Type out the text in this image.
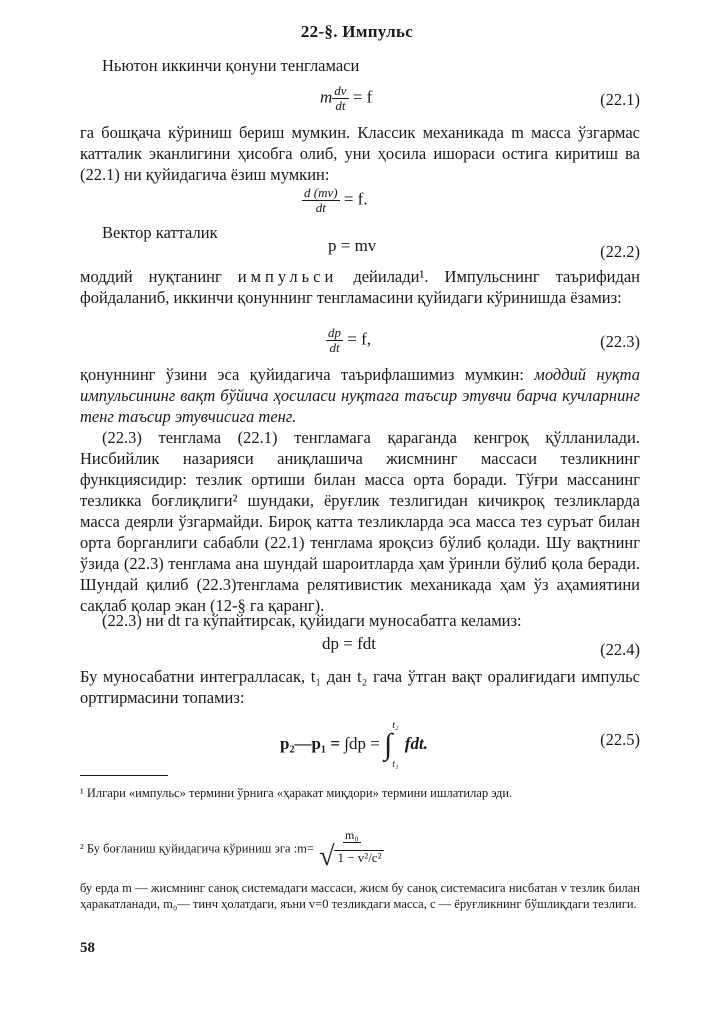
22-§. Импульс
Ньютон иккинчи қонуни тенгламаси
m $\frac{dv}{dt} = f$	(22.1)
га бошқача кўриниш бериш мумкин. Классик механикада m масса ўзгармас катталик эканлигини ҳисобга олиб, уни ҳосила ишораси остига киритиш ва (22.1) ни қуйидагича ёзиш мумкин:
$\frac{d (mv)}{dt} = f$.
Вектор катталик
p = mv	(22.2)
моддий нуқтанинг импульси дейилади¹. Импульснинг таърифидан фойдаланиб, иккинчи қонуннинг тенгламасини қуйидаги кўринишда ёзамиз:
$\frac{dp}{dt} = f$,	(22.3)
қонуннинг ўзини эса қуйидагича таърифлашимиз мумкин: моддий нуқта импульсининг вақт бўйича ҳосиласи нуқтага таъсир этувчи барча кучларнинг тенг таъсир этувчисига тенг.
(22.3) тенглама (22.1) тенгламага қараганда кенгроқ қўлланилади. Нисбийлик назарияси аниқлашича жисмнинг массаси тезликнинг функциясидир: тезлик ортиши билан масса орта боради. Тўғри массанинг тезликка боғлиқлиги² шундаки, ёруғлик тезлигидан кичикроқ тезликларда масса деярли ўзгармайди. Бироқ катта тезликларда эса масса тез суръат билан орта борганлиги сабабли (22.1) тенглама яроқсиз бўлиб қолади. Шу вақтнинг ўзида (22.3) тенглама ана шундай шароитларда ҳам ўринли бўлиб қола беради. Шундай қилиб (22.3)тенглама релятивистик механикада ҳам ўз аҳамиятини сақлаб қолар экан (12-§ га қаранг).
(22.3) ни dt га кўпайтирсак, қуйидаги муносабатга келамиз:
dp = fdt	(22.4)
Бу муносабатни интеграллаcак, t₁ дан t₂ гача ўтган вақт оралиғидаги импульс ортгирмасини топамиз:
p₂—p₁ = ∫dp = ∫
t₂
t₁
fdt.	(22.5)
¹ Илгари «импульс» термини ўрнига «ҳаракат миқдори» термини ишлатилар эди.
² Бу боғланиш қуйидагича кўриниш эга :m= $\frac{\text{m₀}}{\text{√ 1 − v²/c²}}$
бу ерда m — жисмнинг саноқ системадаги массаси, жисм бу саноқ системасига нисбатан v тезлик билан ҳаракатланади, m₀— тинч ҳолатдаги, яъни v=0 тезликдаги масса, c — ёруғликнинг бўшлиқдаги тезлиги.
58
